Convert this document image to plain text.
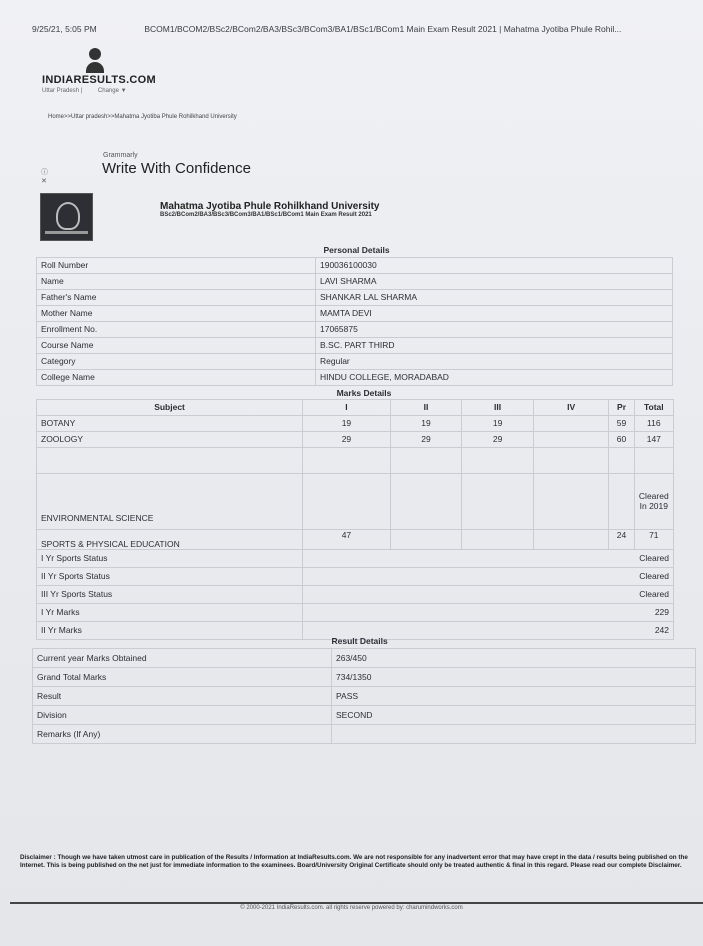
9/25/21, 5:05 PM	BCOM1/BCOM2/BSc2/BCom2/BA3/BSc3/BCom3/BA1/BSc1/BCom1 Main Exam Result 2021 | Mahatma Jyotiba Phule Rohil...
INDIARESULTS.COM
Uttar Pradesh |	Change ▼
Home>>Uttar pradesh>>Mahatma Jyotiba Phule Rohilkhand University
Grammarly
Write With Confidence
ⓘ
✕
Mahatma Jyotiba Phule Rohilkhand University
BSc2/BCom2/BA3/BSc3/BCom3/BA1/BSc1/BCom1 Main Exam Result 2021
	Personal Details
Roll Number	190036100030
Name	LAVI SHARMA
Father's Name	SHANKAR LAL SHARMA
Mother Name	MAMTA DEVI
Enrollment No.	17065875
Course Name	B.SC. PART THIRD
Category	Regular
College Name	HINDU COLLEGE, MORADABAD
	Marks Details					
Subject	I	II	III	IV	Pr	Total
BOTANY	19	19	19		59	116
ZOOLOGY	29	29	29		60	147

ENVIRONMENTAL SCIENCE						Cleared In 2019
SPORTS & PHYSICAL EDUCATION	47				24	71
I Yr Sports Status	Cleared					
II Yr Sports Status	Cleared					
III Yr Sports Status	Cleared					
I Yr Marks	229					
II Yr Marks	242					
	Result Details
Current year Marks Obtained	263/450
Grand Total Marks	734/1350
Result	PASS
Division	SECOND
Remarks (If Any)	
Disclaimer : Though we have taken utmost care in publication of the Results / Information at IndiaResults.com. We are not responsible for any inadvertent error that may have crept in the data / results being published on the Internet. This is being published on the net just for immediate information to the examinees. Board/University Original Certificate should only be treated authentic & final in this regard. Please read our complete Disclaimer.
© 2000-2021 IndiaResults.com. all rights reserve powered by: charumindworks.com
